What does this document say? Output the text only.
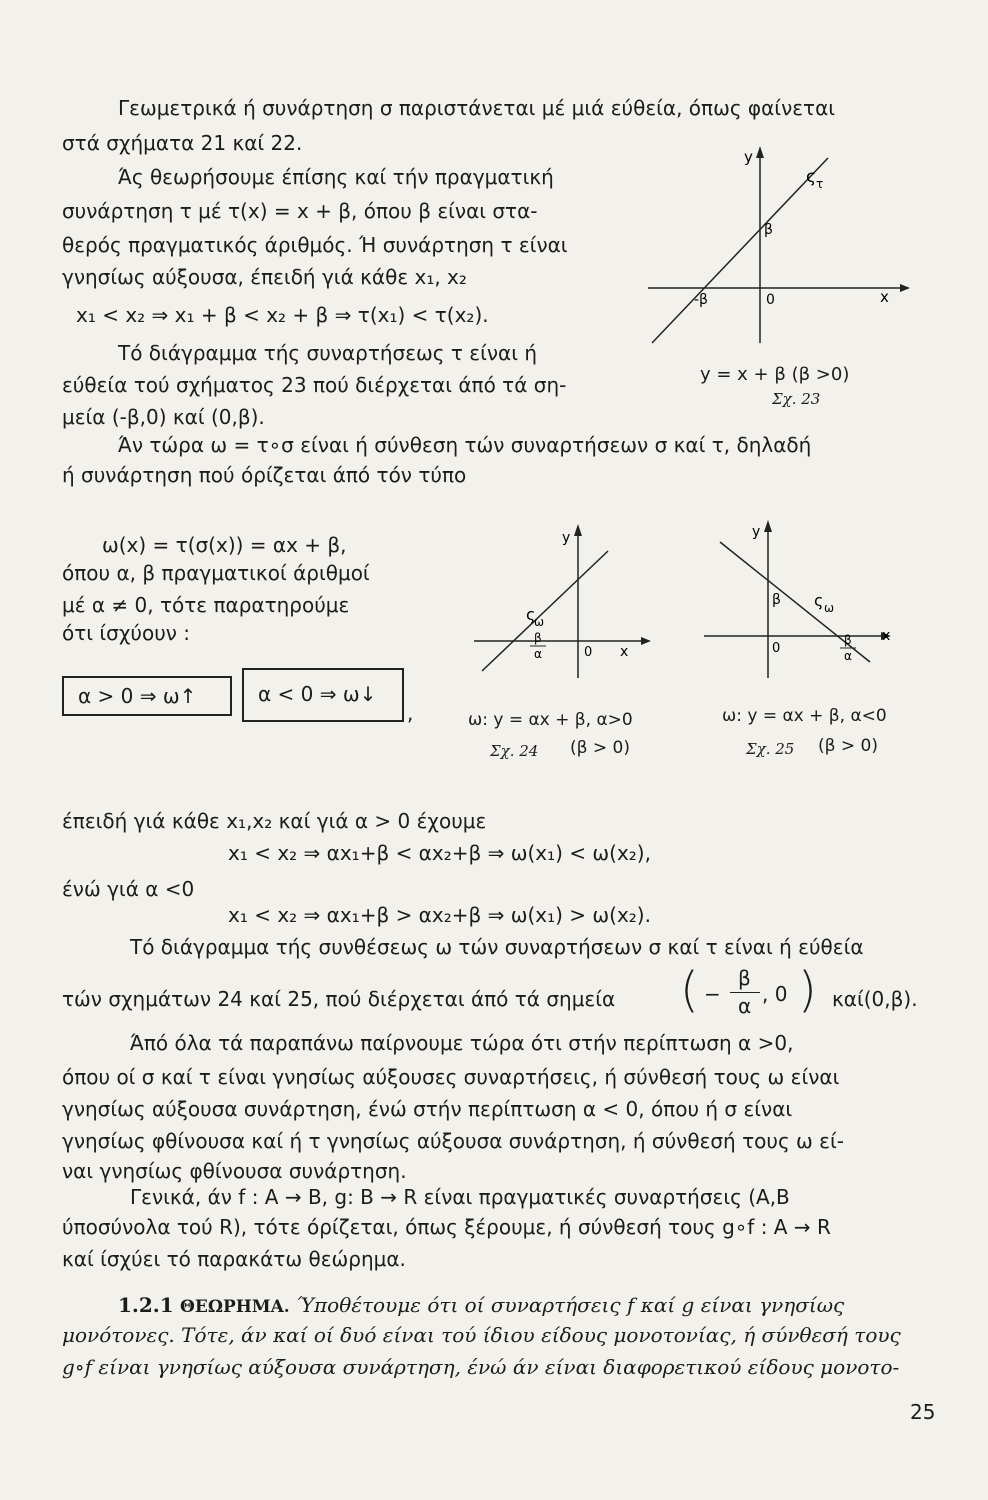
Γεωμετρικά ή συνάρτηση σ παριστάνεται μέ μιά εύθεία, όπως φαίνεται
στά σχήματα 21 καί 22.
Άς θεωρήσουμε έπίσης καί τήν πραγματική
συνάρτηση τ μέ τ(x) = x + β, όπου β είναι στα-
θερός πραγματικός άριθμός. Ή συνάρτηση τ είναι
γνησίως αύξουσα, έπειδή γιά κάθε x₁, x₂
x₁ < x₂ ⇒ x₁ + β < x₂ + β ⇒ τ(x₁) < τ(x₂).
Τό διάγραμμα τής συναρτήσεως τ είναι ή
εύθεία τού σχήματος 23 πού διέρχεται άπό τά ση-
μεία (-β,0) καί (0,β).
Άν τώρα ω = τ∘σ είναι ή σύνθεση τών συναρτήσεων σ καί τ, δηλαδή
ή συνάρτηση πού όρίζεται άπό τόν τύπο
ω(x) = τ(σ(x)) = αx + β,
όπου α, β πραγματικοί άριθμοί
μέ α ≠ 0, τότε παρατηρούμε
ότι ίσχύουν :
α > 0 ⇒ ω↑	α < 0 ⇒ ω↓
,
έπειδή γιά κάθε x₁,x₂ καί γιά α > 0 έχουμε
x₁ < x₂ ⇒ αx₁+β < αx₂+β ⇒ ω(x₁) < ω(x₂),
ένώ γιά α <0
x₁ < x₂ ⇒ αx₁+β > αx₂+β ⇒ ω(x₁) > ω(x₂).
Τό διάγραμμα τής συνθέσεως ω τών συναρτήσεων σ καί τ είναι ή εύθεία
τών σχημάτων 24 καί 25, πού διέρχεται άπό τά σημεία ( −
β
α , 0 ) καί(0,β).
Άπό όλα τά παραπάνω παίρνουμε τώρα ότι στήν περίπτωση α >0,
όπου οί σ καί τ είναι γνησίως αύξουσες συναρτήσεις, ή σύνθεσή τους ω είναι
γνησίως αύξουσα συνάρτηση, ένώ στήν περίπτωση α < 0, όπου ή σ είναι
γνησίως φθίνουσα καί ή τ γνησίως αύξουσα συνάρτηση, ή σύνθεσή τους ω εί-
ναι γνησίως φθίνουσα συνάρτηση.
Γενικά, άν f : A → B, g: B → R είναι πραγματικές συναρτήσεις (A,B
ύποσύνολα τού R), τότε όρίζεται, όπως ξέρουμε, ή σύνθεσή τους g∘f : A → R
καί ίσχύει τό παρακάτω θεώρημα.
1.2.1 ΘΕΩΡΗΜΑ. Ύποθέτουμε ότι οί συναρτήσεις f καί g είναι γνησίως
μονότονες. Τότε, άν καί οί δυό είναι τού ίδιου είδους μονοτονίας, ή σύνθεσή τους
g∘f είναι γνησίως αύξουσα συνάρτηση, ένώ άν είναι διαφορετικού είδους μονοτο-
25
y
x
ς τ
β
-β	0
y = x + β (β >0)
Σχ. 23
y
x
ς
ω
β
α	0
ω: y = αx + β, α>0
Σχ. 24 (β > 0)
y
x
ς ω
β
β
α
0
ω: y = αx + β, α<0
Σχ. 25 (β > 0)
